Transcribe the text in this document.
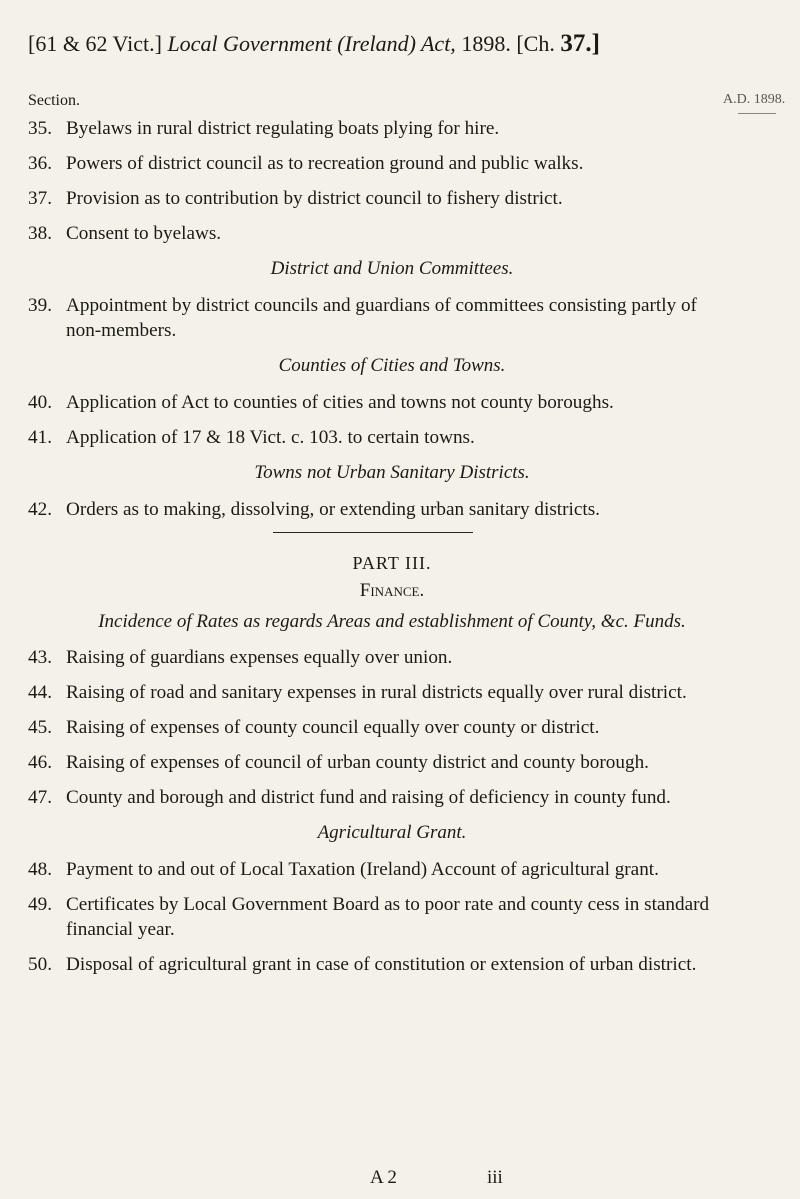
[61 & 62 Vict.] Local Government (Ireland) Act, 1898. [Ch. 37.]
Section.	A.D. 1898.
35. Byelaws in rural district regulating boats plying for hire.
36. Powers of district council as to recreation ground and public walks.
37. Provision as to contribution by district council to fishery district.
38. Consent to byelaws.
District and Union Committees.
39. Appointment by district councils and guardians of committees consisting partly of non-members.
Counties of Cities and Towns.
40. Application of Act to counties of cities and towns not county boroughs.
41. Application of 17 & 18 Vict. c. 103. to certain towns.
Towns not Urban Sanitary Districts.
42. Orders as to making, dissolving, or extending urban sanitary districts.
PART III.
Finance.
Incidence of Rates as regards Areas and establishment of County, &c. Funds.
43. Raising of guardians expenses equally over union.
44. Raising of road and sanitary expenses in rural districts equally over rural district.
45. Raising of expenses of county council equally over county or district.
46. Raising of expenses of council of urban county district and county borough.
47. County and borough and district fund and raising of deficiency in county fund.
Agricultural Grant.
48. Payment to and out of Local Taxation (Ireland) Account of agricultural grant.
49. Certificates by Local Government Board as to poor rate and county cess in standard financial year.
50. Disposal of agricultural grant in case of constitution or extension of urban district.
A 2	iii
